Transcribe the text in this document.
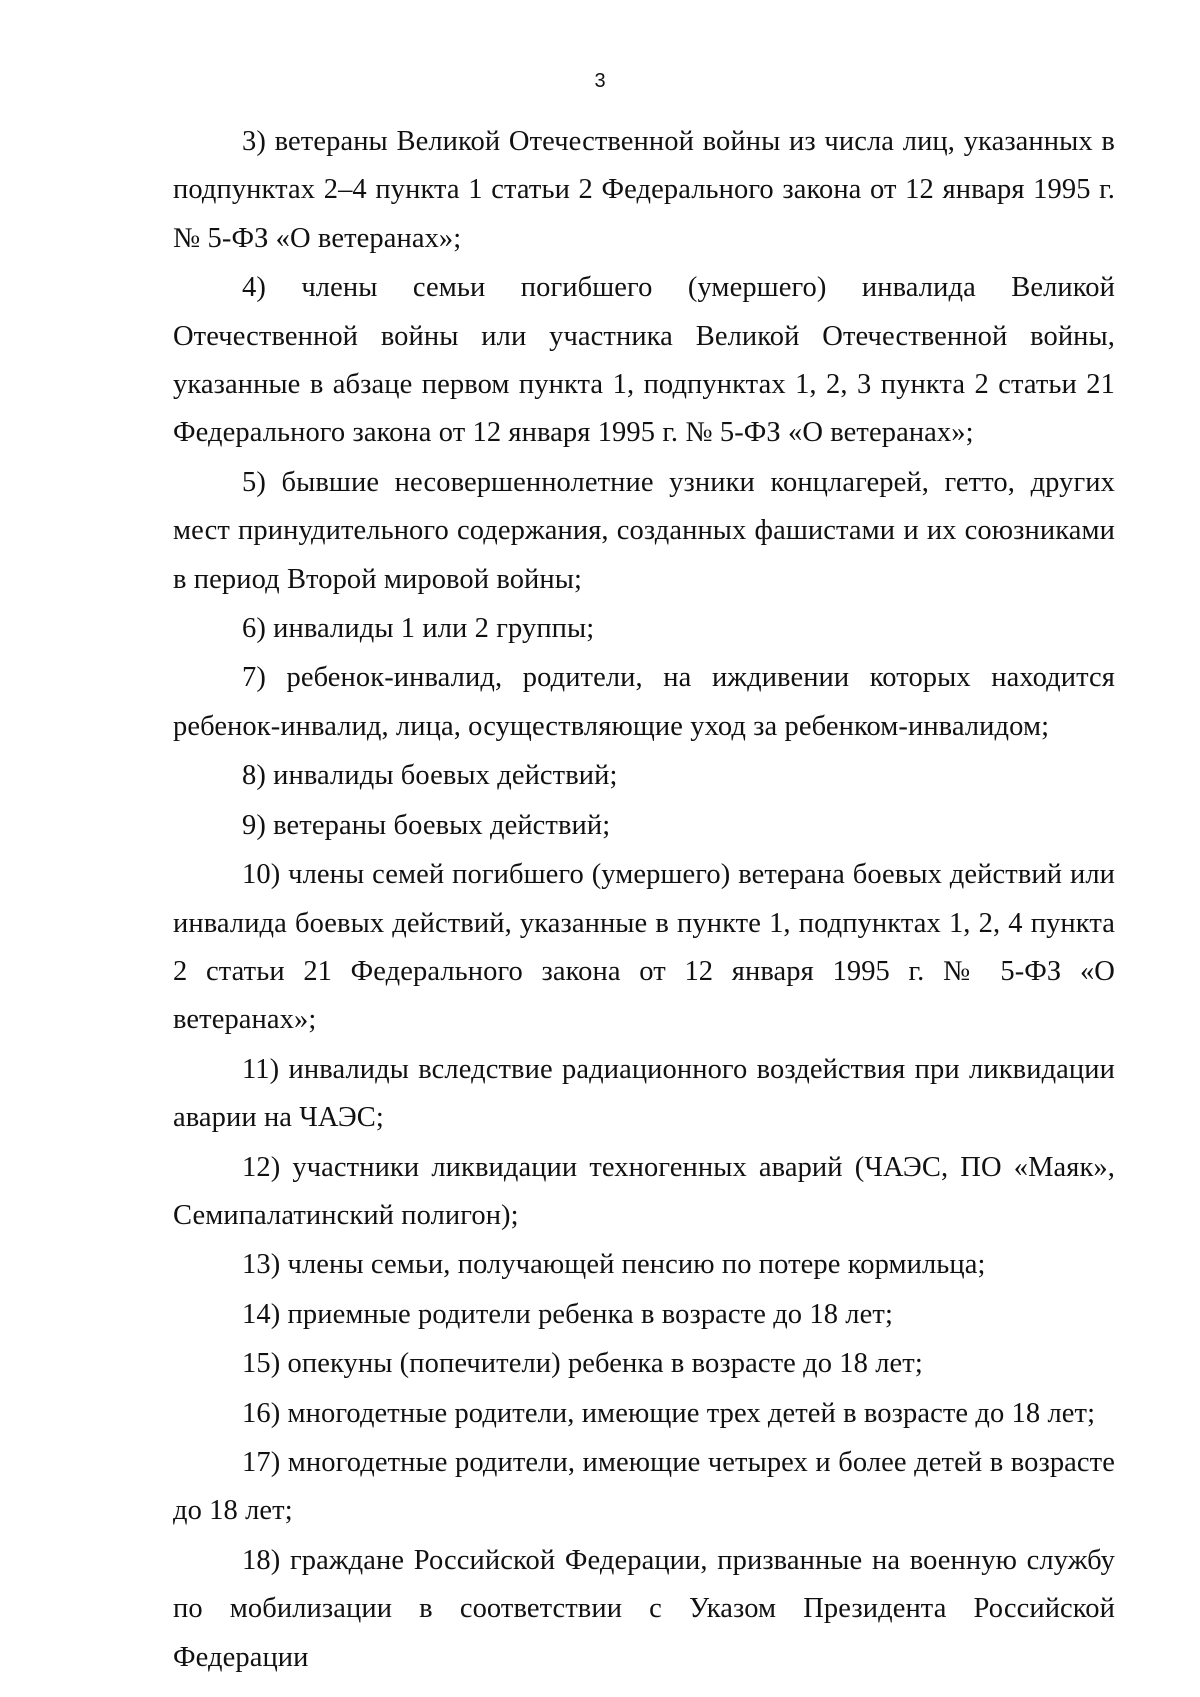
3

3) ветераны Великой Отечественной войны из числа лиц, указанных в подпунктах 2–4 пункта 1 статьи 2 Федерального закона от 12 января 1995 г. № 5-ФЗ «О ветеранах»;

4) члены семьи погибшего (умершего) инвалида Великой Отечественной войны или участника Великой Отечественной войны, указанные в абзаце первом пункта 1, подпунктах 1, 2, 3 пункта 2 статьи 21 Федерального закона от 12 января 1995 г. № 5-ФЗ «О ветеранах»;

5) бывшие несовершеннолетние узники концлагерей, гетто, других мест принудительного содержания, созданных фашистами и их союзниками в период Второй мировой войны;

6) инвалиды 1 или 2 группы;

7) ребенок-инвалид, родители, на иждивении которых находится ребенок-инвалид, лица, осуществляющие уход за ребенком-инвалидом;

8) инвалиды боевых действий;

9) ветераны боевых действий;

10) члены семей погибшего (умершего) ветерана боевых действий или инвалида боевых действий, указанные в пункте 1, подпунктах 1, 2, 4 пункта 2 статьи 21 Федерального закона от 12 января 1995 г. № 5-ФЗ «О ветеранах»;

11) инвалиды вследствие радиационного воздействия при ликвидации аварии на ЧАЭС;

12) участники ликвидации техногенных аварий (ЧАЭС, ПО «Маяк», Семипалатинский полигон);

13) члены семьи, получающей пенсию по потере кормильца;

14) приемные родители ребенка в возрасте до 18 лет;

15) опекуны (попечители) ребенка в возрасте до 18 лет;

16) многодетные родители, имеющие трех детей в возрасте до 18 лет;

17) многодетные родители, имеющие четырех и более детей в возрасте до 18 лет;

18) граждане Российской Федерации, призванные на военную службу по мобилизации в соответствии с Указом Президента Российской Федерации
